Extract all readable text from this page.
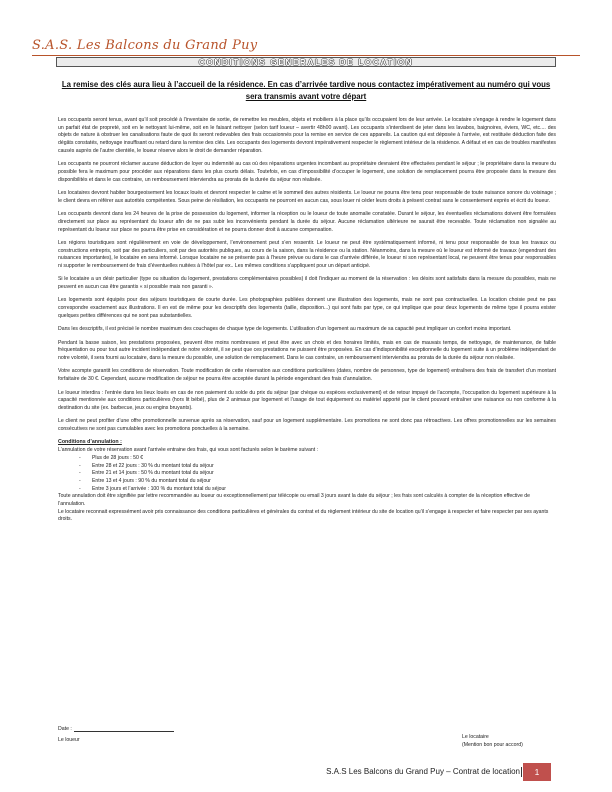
S.A.S. Les Balcons du Grand Puy
CONDITIONS GENERALES DE LOCATION
La remise des clés aura lieu à l’accueil de la résidence. En cas d’arrivée tardive nous contactez impérativement au numéro qui vous sera transmis avant votre départ

Les occupants seront tenus, avant qu’il soit procédé à l’inventaire de sortie, de remettre les meubles, objets et mobiliers à la place qu’ils occupaient lors de leur arrivée. Le locataire s’engage à rendre le logement dans un parfait état de propreté, soit en le nettoyant lui-même, soit en le faisant nettoyer (selon tarif loueur – avertir 48h00 avant). Les occupants s’interdisent de jeter dans les lavabos, baignoires, éviers, WC, etc.... des objets de nature à obstruer les canalisations faute de quoi ils seront redevables des frais occasionnés pour la remise en service de ces appareils. La caution qui est déposée à l’arrivée, est restituée déduction faite des dégâts constatés, nettoyage insuffisant ou retard dans la remise des clés. Les occupants des logements devront impérativement respecter le règlement intérieur de la résidence. A défaut et en cas de troubles manifestes causés auprès de l’autre clientèle, le loueur réserve alors le droit de demander réparation.

Les occupants ne pourront réclamer aucune déduction de loyer ou indemnité au cas où des réparations urgentes incombant au propriétaire devraient être effectuées pendant le séjour ; le propriétaire dans la mesure du possible fera le maximum pour procéder aux réparations dans les plus courts délais. Toutefois, en cas d’impossibilité d’occuper le logement, une solution de remplacement pourra être proposée dans la mesure des disponibilités et dans le cas contraire, un remboursement interviendra au prorata de la durée du séjour non réalisée.

Les locataires devront habiter bourgeoisement les locaux loués et devront respecter le calme et le sommeil des autres résidents. Le loueur ne pourra être tenu pour responsable de toute nuisance sonore du voisinage ; le client devra en référer aux autorités compétentes. Sous peine de résiliation, les occupants ne pourront en aucun cas, sous louer ni céder leurs droits à présent contrat sans le consentement exprès et écrit du loueur.

Les occupants devront dans les 24 heures de la prise de possession du logement, informer la réception ou le loueur de toute anomalie constatée. Durant le séjour, les éventuelles réclamations doivent être formulées directement sur place au représentant du loueur afin de ne pas subir les inconvénients pendant la durée du séjour. Aucune réclamation ultérieure ne saurait être recevable. Toute réclamation non signalée au représentant du loueur sur place ne pourra être prise en considération et ne pourra donner droit à aucune compensation.

Les régions touristiques sont régulièrement en voie de développement, l’environnement peut s’en ressentir. Le loueur ne peut être systématiquement informé, ni tenu pour responsable de tous les travaux ou constructions entrepris, soit par des particuliers, soit par des autorités publiques, au cours de la saison, dans la résidence ou la station. Néanmoins, dans la mesure où le loueur est informé de travaux (engendrant des nuisances importantes), le locataire en sera informé. Lorsque locataire ne se présente pas à l’heure prévue ou dans le cas d’arrivée différée, le loueur ni son représentant local, ne peuvent être tenus pour responsables ni supporter le remboursement de frais d’éventuelles nuitées à l’hôtel par ex.. Les mêmes conditions s’appliquent pour un départ anticipé.

Si le locataire a un désir particulier (type ou situation du logement, prestations complémentaires possibles) il doit l’indiquer au moment de la réservation : les désirs sont satisfaits dans la mesure du possibles, mais ne peuvent en aucun cas être garantis « si possible mais non garanti ».

Les logements sont équipés pour des séjours touristiques de courte durée. Les photographies publiées donnent une illustration des logements, mais ne sont pas contractuelles. La location choisie peut ne pas correspondre exactement aux illustrations. Il en est de même pour les descriptifs des logements (taille, disposition...) qui sont faits par type, ce qui implique que pour deux logements de même type il pourra exister quelques petites différences qui ne sont pas substantielles.

Dans les descriptifs, il est précisé le nombre maximum des couchages de chaque type de logements. L’utilisation d’un logement au maximum de sa capacité peut impliquer un confort moins important.

Pendant la basse saison, les prestations proposées, peuvent être moins nombreuses et peut être avec un choix et des horaires limités, mais en cas de mauvais temps, de nettoyage, de maintenance, de faible fréquentation ou pour tout autre incident indépendant de notre volonté, il se peut que ces prestations ne puissent être proposées. En cas d’indisponibilité exceptionnelle du logement suite à un problème indépendant de notre volonté, il sera fourni au locataire, dans la mesure du possible, une solution de remplacement. Dans le cas contraire, un remboursement interviendra au prorata de la durée du séjour non réalisée.

Votre acompte garantit les conditions de réservation. Toute modification de cette réservation aux conditions particulières (dates, nombre de personnes, type de logement) entraînera des frais de transfert d’un montant forfaitaire de 30 €. Cependant, aucune modification de séjour ne pourra être acceptée durant la période engendrant des frais d’annulation.

Le loueur interdira : l’entrée dans les lieux loués en cas de non paiement du solde du prix du séjour (par chèque ou espèces exclusivement) et de retour impayé de l’acompte, l’occupation du logement supérieure à la capacité mentionnée aux conditions particulières (hors lit bébé), plus de 2 animaux par logement et l’usage de tout équipement ou matériel apporté par le client pouvant entraîner une nuisance ou non conforme à la destination du site (ex. barbecue, jeux ou engins bruyants).

Le client ne peut profiter d’une offre promotionnelle survenue après sa réservation, sauf pour un logement supplémentaire. Les promotions ne sont donc pas rétroactives. Les offres promotionnelles sur les semaines consécutives ne sont pas cumulables avec les promotions ponctuelles à la semaine.

Conditions d’annulation :
L’annulation de votre réservation avant l’arrivée entraine des frais, qui vous sont facturés selon le barème suivant :
- Plus de 28 jours : 50 €
- Entre 28 et 22 jours : 30 % du montant total du séjour
- Entre 21 et 14 jours : 50 % du montant total du séjour
- Entre 13 et 4 jours : 90 % du montant total du séjour
- Entre 3 jours et l’arrivée : 100 % du montant total du séjour
Toute annulation doit être signifiée par lettre recommandée au loueur ou exceptionnellement par télécopie ou email 3 jours avant la date du séjour ; les frais sont calculés à compter de la réception effective de l’annulation.
Le locataire reconnait expressément avoir pris connaissance des conditions particulières et générales du contrat et du règlement intérieur du site de location qu’il s’engage à respecter et faire respecter par ses ayants droits.
Date :
Le loueur	Le locataire
(Mention bon pour accord)
S.A.S Les Balcons du Grand Puy – Contrat de location	1
